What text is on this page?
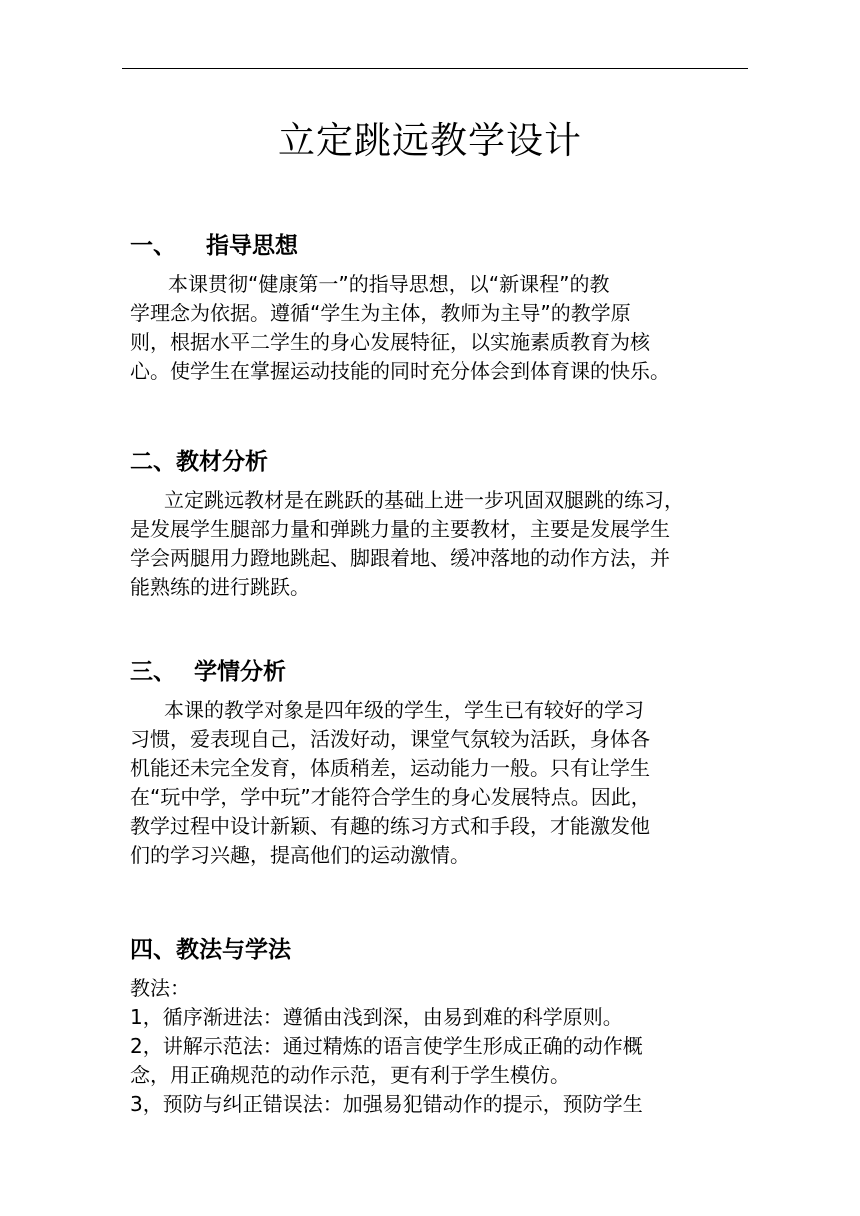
立定跳远教学设计
一、 指导思想
本课贯彻“健康第一”的指导思想，以“新课程”的教
学理念为依据。遵循“学生为主体，教师为主导”的教学原
则，根据水平二学生的身心发展特征，以实施素质教育为核
心。使学生在掌握运动技能的同时充分体会到体育课的快乐。
二、教材分析
立定跳远教材是在跳跃的基础上进一步巩固双腿跳的练习，
是发展学生腿部力量和弹跳力量的主要教材，主要是发展学生
学会两腿用力蹬地跳起、脚跟着地、缓冲落地的动作方法，并
能熟练的进行跳跃。
三、 学情分析
本课的教学对象是四年级的学生，学生已有较好的学习
习惯，爱表现自己，活泼好动，课堂气氛较为活跃，身体各
机能还未完全发育，体质稍差，运动能力一般。只有让学生
在“玩中学，学中玩”才能符合学生的身心发展特点。因此，
教学过程中设计新颖、有趣的练习方式和手段，才能激发他
们的学习兴趣，提高他们的运动激情。
四、教法与学法
教法：
1，循序渐进法：遵循由浅到深，由易到难的科学原则。
2，讲解示范法：通过精炼的语言使学生形成正确的动作概
念，用正确规范的动作示范，更有利于学生模仿。
3，预防与纠正错误法：加强易犯错动作的提示，预防学生
